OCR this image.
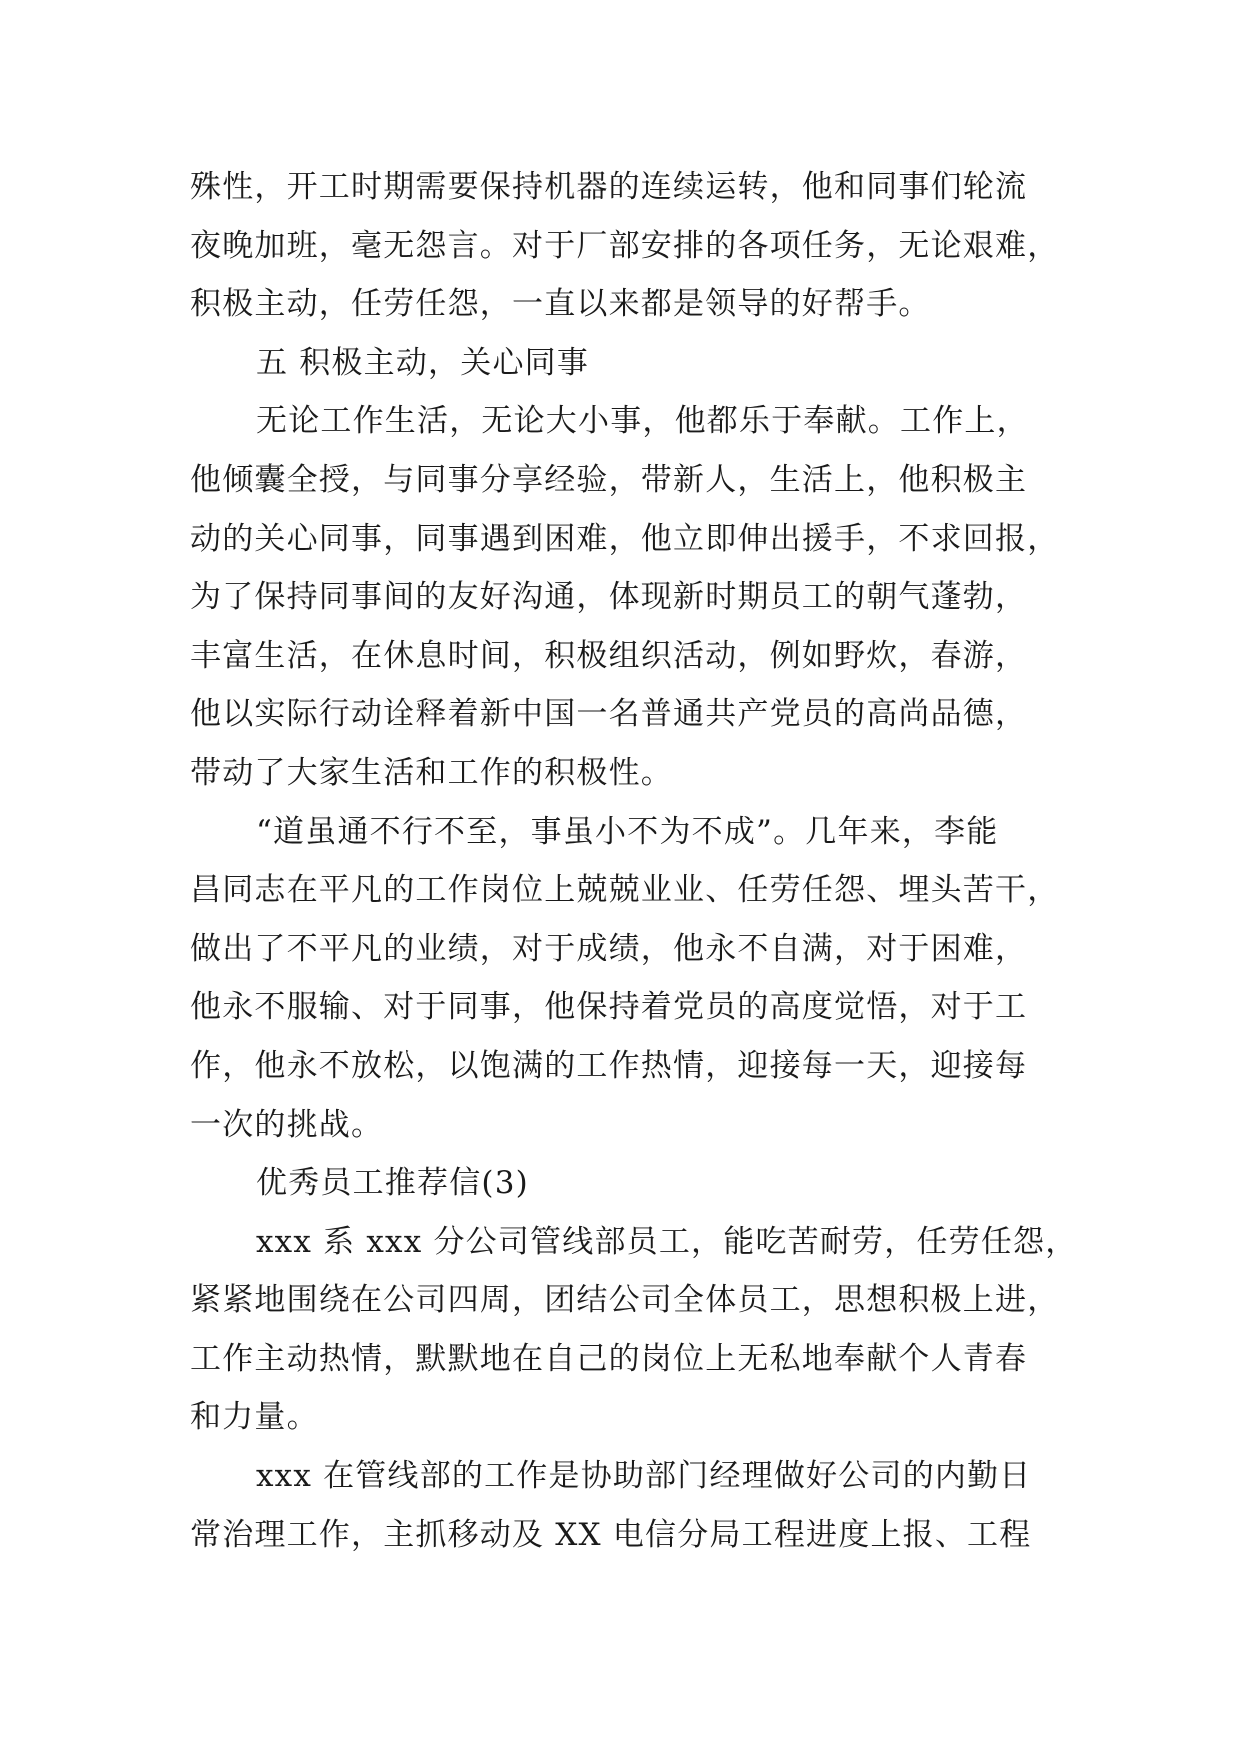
殊性，开工时期需要保持机器的连续运转，他和同事们轮流
夜晚加班，毫无怨言。对于厂部安排的各项任务，无论艰难，
积极主动，任劳任怨，一直以来都是领导的好帮手。
五 积极主动，关心同事
无论工作生活，无论大小事，他都乐于奉献。工作上，
他倾囊全授，与同事分享经验，带新人，生活上，他积极主
动的关心同事，同事遇到困难，他立即伸出援手，不求回报，
为了保持同事间的友好沟通，体现新时期员工的朝气蓬勃，
丰富生活，在休息时间，积极组织活动，例如野炊，春游，
他以实际行动诠释着新中国一名普通共产党员的高尚品德，
带动了大家生活和工作的积极性。
“道虽通不行不至，事虽小不为不成”。几年来，李能
昌同志在平凡的工作岗位上兢兢业业、任劳任怨、埋头苦干，
做出了不平凡的业绩，对于成绩，他永不自满，对于困难，
他永不服输、对于同事，他保持着党员的高度觉悟，对于工
作，他永不放松，以饱满的工作热情，迎接每一天，迎接每
一次的挑战。
优秀员工推荐信(3)
xxx 系 xxx 分公司管线部员工，能吃苦耐劳，任劳任怨，
紧紧地围绕在公司四周，团结公司全体员工，思想积极上进，
工作主动热情，默默地在自己的岗位上无私地奉献个人青春
和力量。
xxx 在管线部的工作是协助部门经理做好公司的内勤日
常治理工作，主抓移动及 XX 电信分局工程进度上报、工程
